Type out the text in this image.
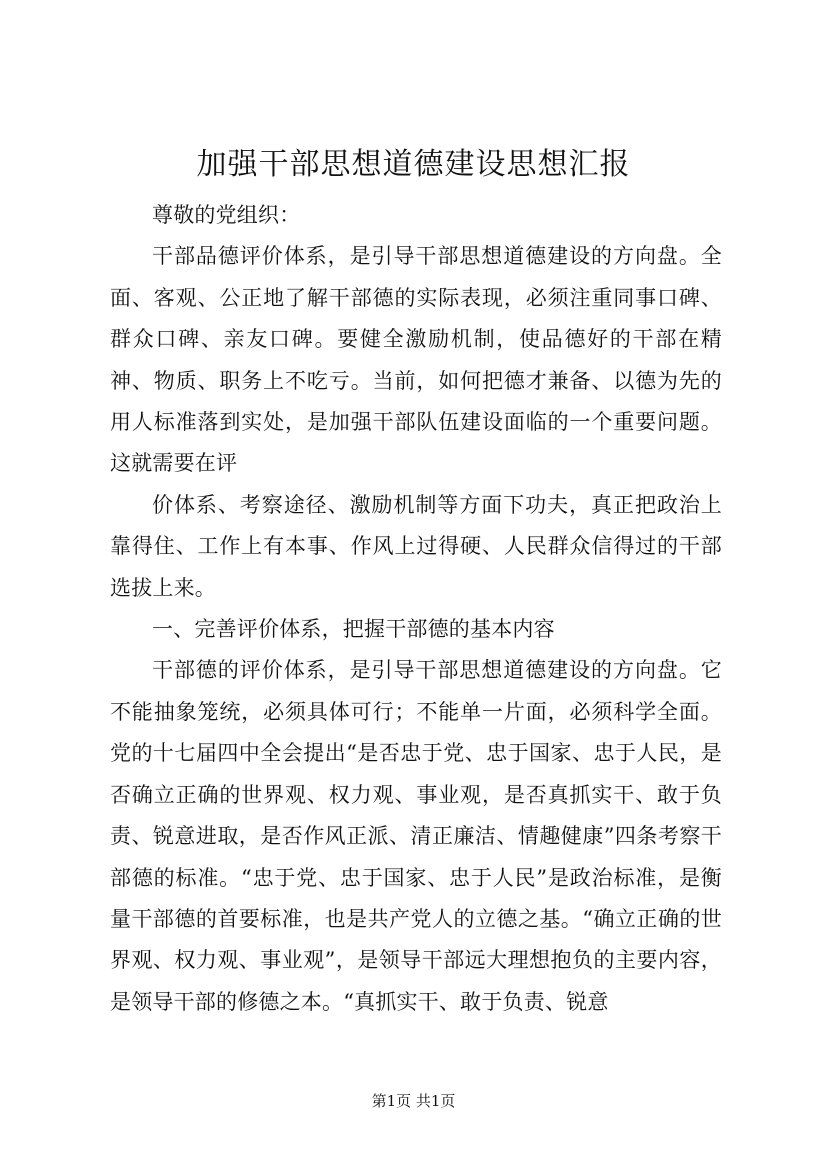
加强干部思想道德建设思想汇报

尊敬的党组织：

干部品德评价体系，是引导干部思想道德建设的方向盘。全面、客观、公正地了解干部德的实际表现，必须注重同事口碑、群众口碑、亲友口碑。要健全激励机制，使品德好的干部在精神、物质、职务上不吃亏。当前，如何把德才兼备、以德为先的用人标准落到实处，是加强干部队伍建设面临的一个重要问题。这就需要在评

价体系、考察途径、激励机制等方面下功夫，真正把政治上靠得住、工作上有本事、作风上过得硬、人民群众信得过的干部选拔上来。

一、完善评价体系，把握干部德的基本内容

干部德的评价体系，是引导干部思想道德建设的方向盘。它不能抽象笼统，必须具体可行；不能单一片面，必须科学全面。党的十七届四中全会提出“是否忠于党、忠于国家、忠于人民，是否确立正确的世界观、权力观、事业观，是否真抓实干、敢于负责、锐意进取，是否作风正派、清正廉洁、情趣健康”四条考察干部德的标准。“忠于党、忠于国家、忠于人民”是政治标准，是衡量干部德的首要标准，也是共产党人的立德之基。“确立正确的世界观、权力观、事业观”，是领导干部远大理想抱负的主要内容，是领导干部的修德之本。“真抓实干、敢于负责、锐意

第1页 共1页
